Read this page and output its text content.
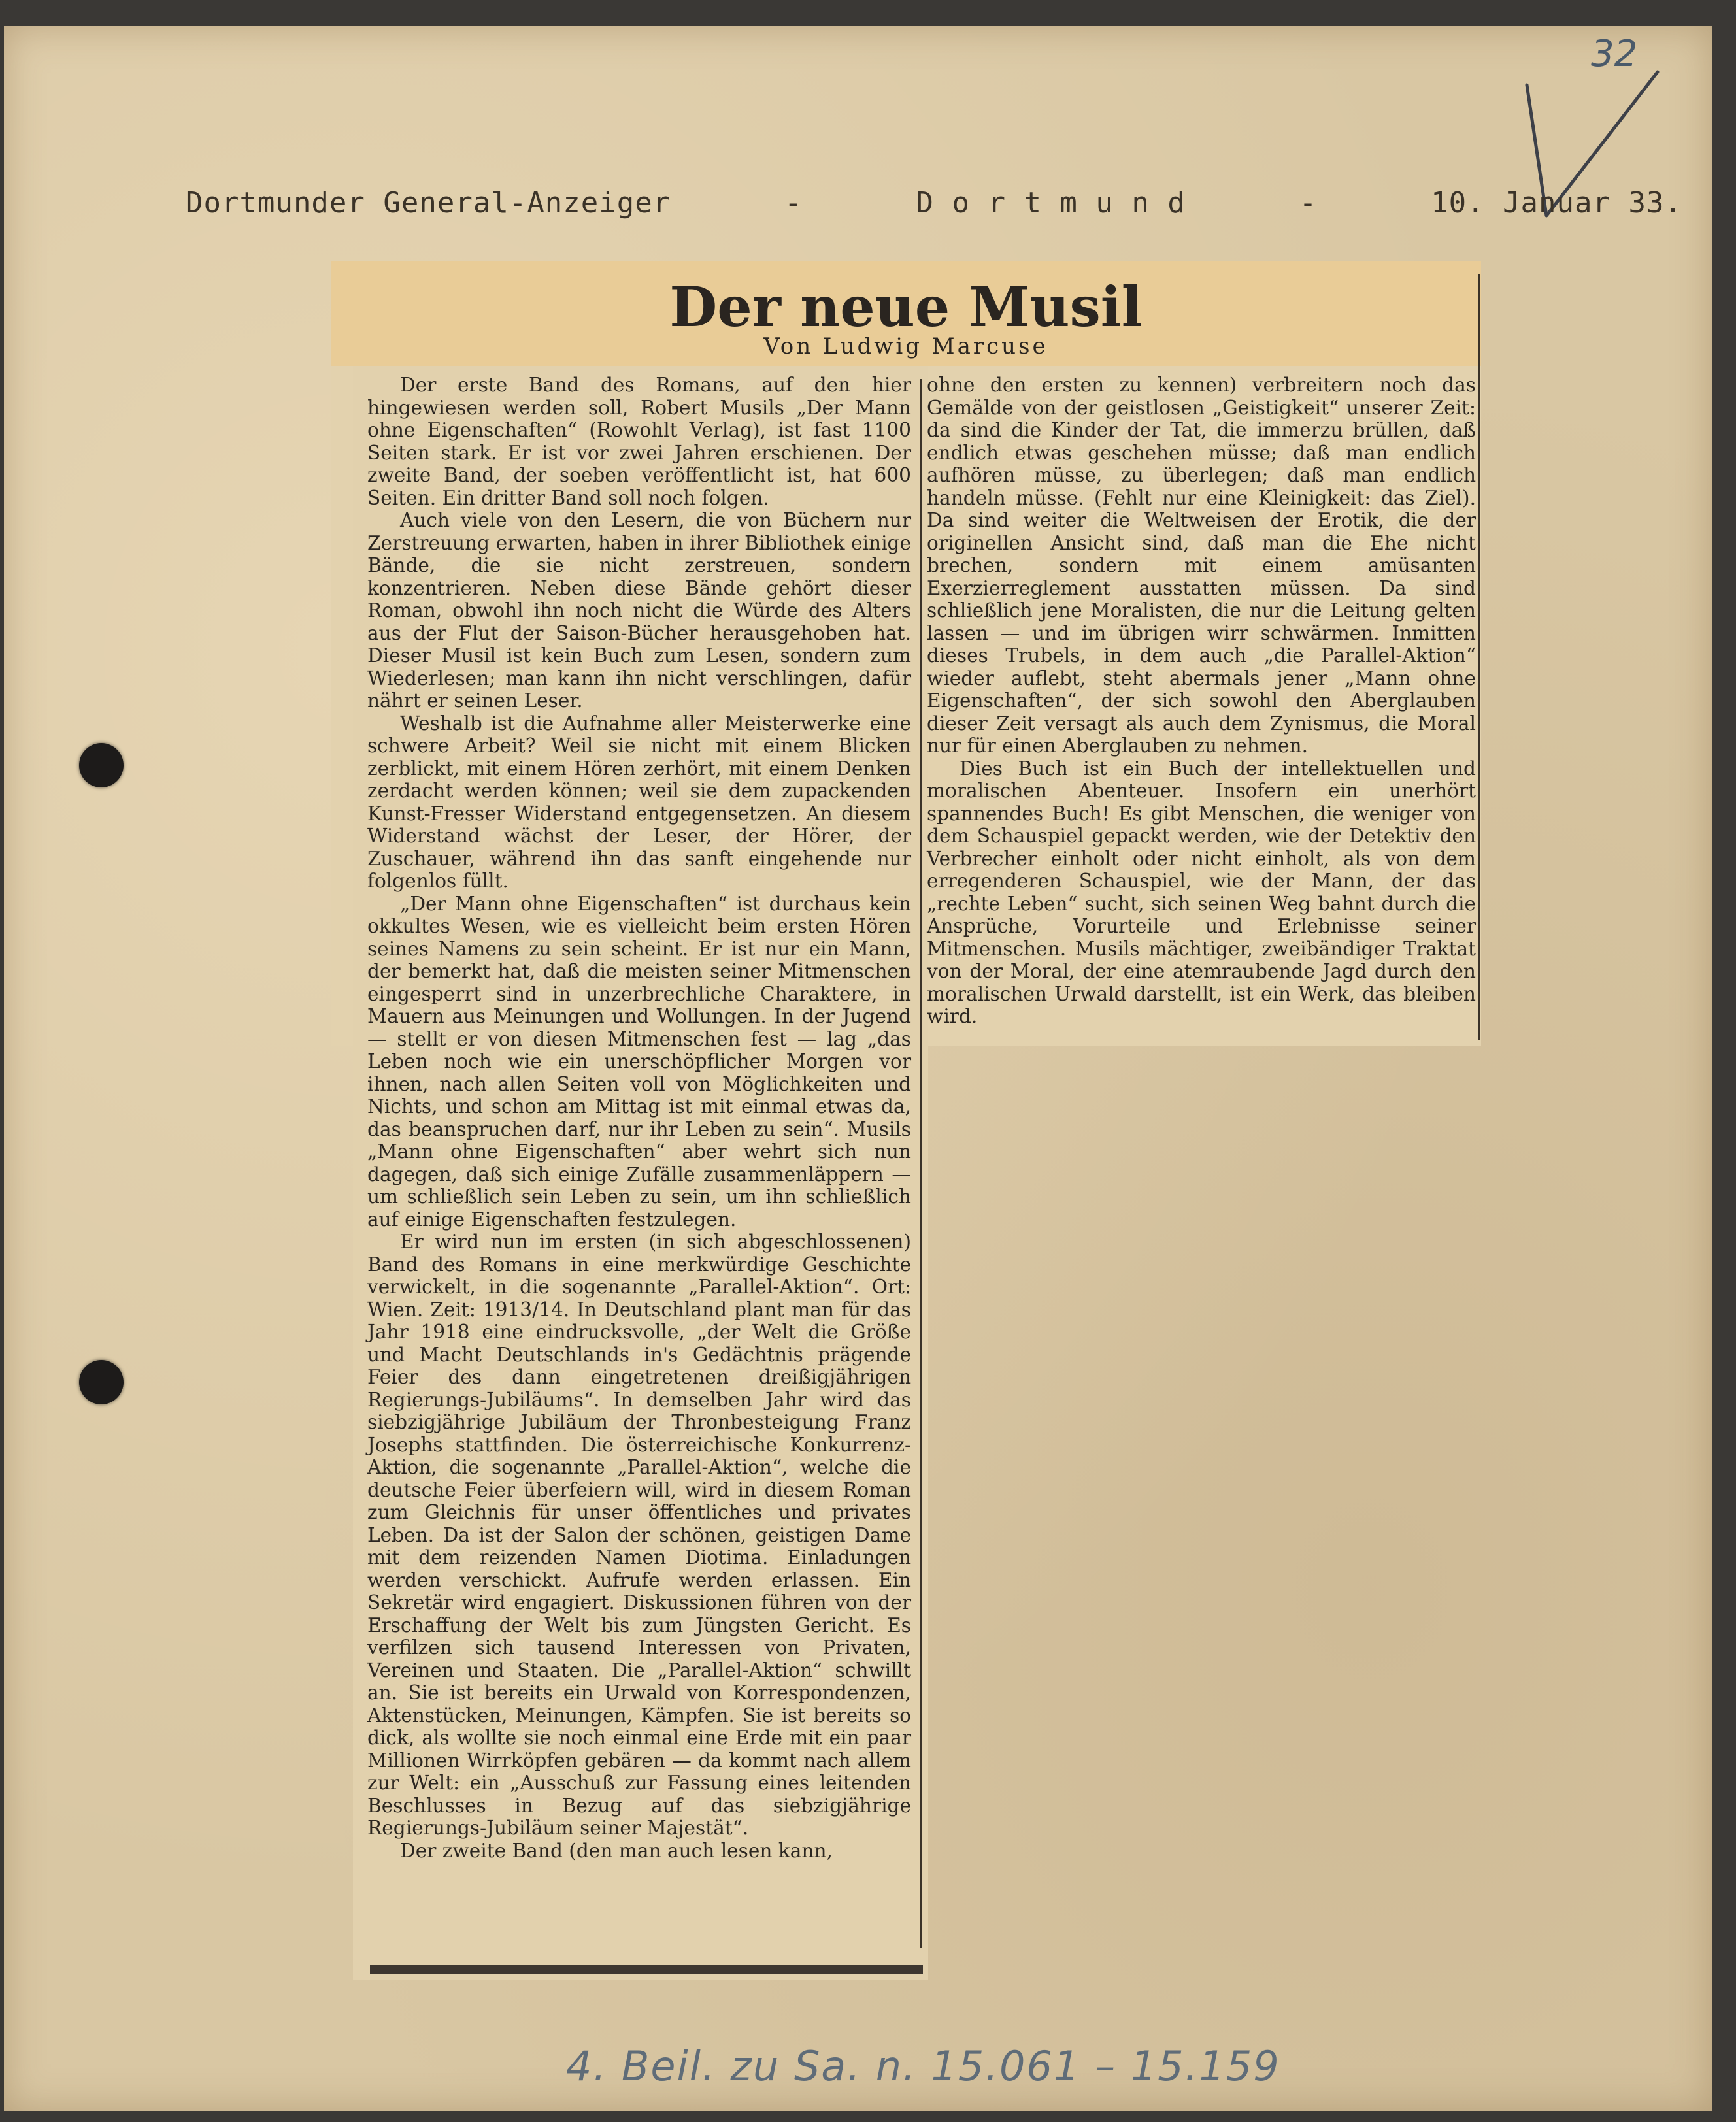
32
Dortmunder General-Anzeiger	-	D o r t m u n d	-	10. Januar 33.
4. Beil. zu Sa. n. 15.061 – 15.159
Der neue Musil
Von Ludwig Marcuse

Der erste Band des Romans, auf den hier hingewiesen werden soll, Robert Musils „Der Mann ohne Eigenschaften“ (Rowohlt Verlag), ist fast 1100 Seiten stark. Er ist vor zwei Jahren erschienen. Der zweite Band, der soeben veröffentlicht ist, hat 600 Seiten. Ein dritter Band soll noch folgen.

Auch viele von den Lesern, die von Büchern nur Zerstreuung erwarten, haben in ihrer Bibliothek einige Bände, die sie nicht zerstreuen, sondern konzentrieren. Neben diese Bände gehört dieser Roman, obwohl ihn noch nicht die Würde des Alters aus der Flut der Saison-Bücher herausgehoben hat. Dieser Musil ist kein Buch zum Lesen, sondern zum Wiederlesen; man kann ihn nicht verschlingen, dafür nährt er seinen Leser.

Weshalb ist die Aufnahme aller Meisterwerke eine schwere Arbeit? Weil sie nicht mit einem Blicken zerblickt, mit einem Hören zerhört, mit einem Denken zerdacht werden können; weil sie dem zupackenden Kunst-Fresser Widerstand entgegensetzen. An diesem Widerstand wächst der Leser, der Hörer, der Zuschauer, während ihn das sanft eingehende nur folgenlos füllt.

„Der Mann ohne Eigenschaften“ ist durchaus kein okkultes Wesen, wie es vielleicht beim ersten Hören seines Namens zu sein scheint. Er ist nur ein Mann, der bemerkt hat, daß die meisten seiner Mitmenschen eingesperrt sind in unzerbrechliche Charaktere, in Mauern aus Meinungen und Wollungen. In der Jugend — stellt er von diesen Mitmenschen fest — lag „das Leben noch wie ein unerschöpflicher Morgen vor ihnen, nach allen Seiten voll von Möglichkeiten und Nichts, und schon am Mittag ist mit einmal etwas da, das beanspruchen darf, nur ihr Leben zu sein“. Musils „Mann ohne Eigenschaften“ aber wehrt sich nun dagegen, daß sich einige Zufälle zusammenläppern — um schließlich sein Leben zu sein, um ihn schließlich auf einige Eigenschaften festzulegen.

Er wird nun im ersten (in sich abgeschlossenen) Band des Romans in eine merkwürdige Geschichte verwickelt, in die sogenannte „Parallel-Aktion“. Ort: Wien. Zeit: 1913/14. In Deutschland plant man für das Jahr 1918 eine eindrucksvolle, „der Welt die Größe und Macht Deutschlands in's Gedächtnis prägende Feier des dann eingetretenen dreißigjährigen Regierungs-Jubiläums“. In demselben Jahr wird das siebzigjährige Jubiläum der Thronbesteigung Franz Josephs stattfinden. Die österreichische Konkurrenz-Aktion, die sogenannte „Parallel-Aktion“, welche die deutsche Feier überfeiern will, wird in diesem Roman zum Gleichnis für unser öffentliches und privates Leben. Da ist der Salon der schönen, geistigen Dame mit dem reizenden Namen Diotima. Einladungen werden verschickt. Aufrufe werden erlassen. Ein Sekretär wird engagiert. Diskussionen führen von der Erschaffung der Welt bis zum Jüngsten Gericht. Es verfilzen sich tausend Interessen von Privaten, Vereinen und Staaten. Die „Parallel-Aktion“ schwillt an. Sie ist bereits ein Urwald von Korrespondenzen, Aktenstücken, Meinungen, Kämpfen. Sie ist bereits so dick, als wollte sie noch einmal eine Erde mit ein paar Millionen Wirrköpfen gebären — da kommt nach allem zur Welt: ein „Ausschuß zur Fassung eines leitenden Beschlusses in Bezug auf das siebzigjährige Regierungs-Jubiläum seiner Majestät“.

Der zweite Band (den man auch lesen kann,

ohne den ersten zu kennen) verbreitern noch das Gemälde von der geistlosen „Geistigkeit“ unserer Zeit: da sind die Kinder der Tat, die immerzu brüllen, daß endlich etwas geschehen müsse; daß man endlich aufhören müsse, zu überlegen; daß man endlich handeln müsse. (Fehlt nur eine Kleinigkeit: das Ziel). Da sind weiter die Weltweisen der Erotik, die der originellen Ansicht sind, daß man die Ehe nicht brechen, sondern mit einem amüsanten Exerzierreglement ausstatten müssen. Da sind schließlich jene Moralisten, die nur die Leitung gelten lassen — und im übrigen wirr schwärmen. Inmitten dieses Trubels, in dem auch „die Parallel-Aktion“ wieder auflebt, steht abermals jener „Mann ohne Eigenschaften“, der sich sowohl den Aberglauben dieser Zeit versagt als auch dem Zynismus, die Moral nur für einen Aberglauben zu nehmen.

Dies Buch ist ein Buch der intellektuellen und moralischen Abenteuer. Insofern ein unerhört spannendes Buch! Es gibt Menschen, die weniger von dem Schauspiel gepackt werden, wie der Detektiv den Verbrecher einholt oder nicht einholt, als von dem erregenderen Schauspiel, wie der Mann, der das „rechte Leben“ sucht, sich seinen Weg bahnt durch die Ansprüche, Vorurteile und Erlebnisse seiner Mitmenschen. Musils mächtiger, zweibändiger Traktat von der Moral, der eine atemraubende Jagd durch den moralischen Urwald darstellt, ist ein Werk, das bleiben wird.
